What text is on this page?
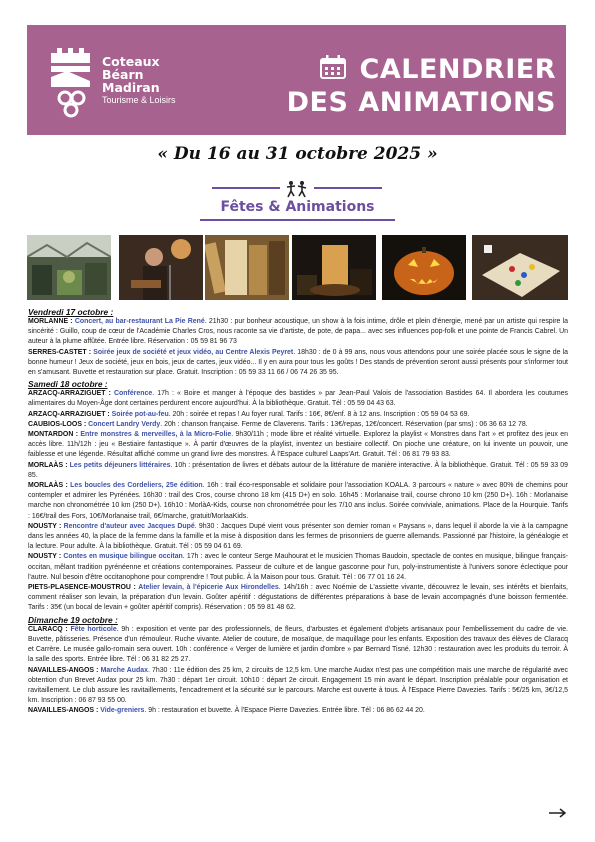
Coteaux
Béarn
Madiran
Tourisme & Loisirs
CALENDRIER
DES ANIMATIONS
« Du 16 au 31 octobre 2025 »
Fêtes & Animations
Vendredi 17 octobre :
MORLANNE : Concert, au bar-restaurant La Pie René. 21h30 : pur bonheur acoustique, un show à la fois intime, drôle et plein d'énergie, mené par un artiste qui respire la sincérité : Guillo, coup de cœur de l'Académie Charles Cros, nous raconte sa vie d'artiste, de pote, de papa... avec ses influences pop-folk et une pointe de Francis Cabrel. Un auteur à la plume affûtée. Entrée libre. Réservation : 05 59 81 96 73
SERRES-CASTET : Soirée jeux de société et jeux vidéo, au Centre Alexis Peyret. 18h30 : de 0 à 99 ans, nous vous attendons pour une soirée placée sous le signe de la bonne humeur ! Jeux de société, jeux en bois, jeux de cartes, jeux vidéo... Il y en aura pour tous les goûts ! Des stands de prévention seront aussi présents pour s'informer tout en s'amusant. Buvette et restauration sur place. Gratuit. Inscription : 05 59 33 11 66 / 06 74 26 35 95.
Samedi 18 octobre :
ARZACQ-ARRAZIGUET : Conférence. 17h : « Boire et manger à l'époque des bastides » par Jean-Paul Valois de l'association Bastides 64. Il abordera les coutumes alimentaires du Moyen-Âge dont certaines perdurent encore aujourd'hui. À la bibliothèque. Gratuit. Tél : 05 59 04 43 63.
ARZACQ-ARRAZIGUET : Soirée pot-au-feu. 20h : soirée et repas ! Au foyer rural. Tarifs : 16€, 8€/enf. 8 à 12 ans. Inscription : 05 59 04 53 69.
CAUBIOS-LOOS : Concert Landry Verdy. 20h : chanson française. Ferme de Claverens. Tarifs : 13€/repas, 12€/concert. Réservation (par sms) : 06 36 63 12 78.
MONTARDON : Entre monstres & merveilles, à la Micro-Folie. 9h30/11h ; mode libre et réalité virtuelle. Explorez la playlist « Monstres dans l'art » et profitez des jeux en accès libre. 11h/12h : jeu « Bestiaire fantastique ». À partir d'œuvres de la playlist, inventez un bestiaire collectif. On pioche une créature, on lui invente un pouvoir, une faiblesse et une légende. Résultat affiché comme un grand livre des monstres. À l'Espace culturel Laaps'Art. Gratuit. Tél : 06 81 79 93 83.
MORLAÀS : Les petits déjeuners littéraires. 10h : présentation de livres et débats autour de la littérature de manière interactive. À la bibliothèque. Gratuit. Tél : 05 59 33 09 85.
MORLAÀS : Les boucles des Cordeliers, 25e édition. 16h : trail éco-responsable et solidaire pour l'association KOALA. 3 parcours « nature » avec 80% de chemins pour contempler et admirer les Pyrénées. 16h30 : trail des Cros, course chrono 18 km (415 D+) en solo. 16h45 : Morlanaise trail, course chrono 10 km (250 D+). 16h : Morlanaise marche non chronométrée 10 km (250 D+). 16h10 : MorlàA-Kids, course non chronométrée pour les 7/10 ans inclus. Soirée conviviale, animations. Place de la Hourquie. Tarifs : 16€/trail des Fors, 10€/Morlanaise trail, 6€/marche, gratuit/MorlaaKids.
NOUSTY : Rencontre d'auteur avec Jacques Dupé. 9h30 : Jacques Dupé vient vous présenter son dernier roman « Paysans », dans lequel il aborde la vie à la campagne dans les années 40, la place de la femme dans la famille et la mise à disposition dans les fermes de prisonniers de guerre allemands. Passionné par l'histoire, la généalogie et la lecture. Pour adulte. À la bibliothèque. Gratuit. Tél : 05 59 04 61 69.
NOUSTY : Contes en musique bilingue occitan. 17h : avec le conteur Serge Mauhourat et le musicien Thomas Baudoin, spectacle de contes en musique, bilingue français-occitan, mêlant tradition pyrénéenne et créations contemporaines. Passeur de culture et de langue gasconne pour l'un, poly-instrumentiste à l'univers sonore éclectique pour l'autre. Nul besoin d'être occitanophone pour comprendre ! Tout public. À la Maison pour tous. Gratuit. Tél : 06 77 01 16 24.
PIETS-PLASENCE-MOUSTROU : Atelier levain, à l'épicerie Aux Hirondelles. 14h/16h : avec Noémie de L'assiette vivante, découvrez le levain, ses intérêts et bienfaits, comment réaliser son levain, la préparation d'un levain. Goûter apéritif : dégustations de différentes préparations à base de levain accompagnés d'une boisson fermentée. Tarifs : 35€ (un bocal de levain + goûter apéritif compris). Réservation : 05 59 81 48 62.
Dimanche 19 octobre :
CLARACQ : Fête horticole. 9h : exposition et vente par des professionnels, de fleurs, d'arbustes et également d'objets artisanaux pour l'embellissement du cadre de vie. Buvette, pâtisseries. Présence d'un rémouleur. Ruche vivante. Atelier de couture, de mosaïque, de maquillage pour les enfants. Exposition des travaux des élèves de Claracq et Carrère. Le musée gallo-romain sera ouvert. 10h : conférence « Verger de lumière et jardin d'ombre » par Bernard Tisné. 12h30 : restauration avec les produits du terroir. À la salle des sports. Entrée libre. Tél : 06 31 82 25 27.
NAVAILLES-ANGOS : Marche Audax. 7h30 : 11e édition des 25 km, 2 circuits de 12,5 km. Une marche Audax n'est pas une compétition mais une marche de régularité avec obtention d'un Brevet Audax pour 25 km. 7h30 : départ 1er circuit. 10h10 : départ 2e circuit. Engagement 15 min avant le départ. Inscription préalable pour organisation et ravitaillement. Le club assure les ravitaillements, l'encadrement et la sécurité sur le parcours. Marche est ouverte à tous. À l'Espace Pierre Davezies. Tarifs : 5€/25 km, 3€/12,5 km. Inscription : 06 87 93 55 00.
NAVAILLES-ANGOS : Vide-greniers. 9h : restauration et buvette. À l'Espace Pierre Davezies. Entrée libre. Tél : 06 86 62 44 20.
